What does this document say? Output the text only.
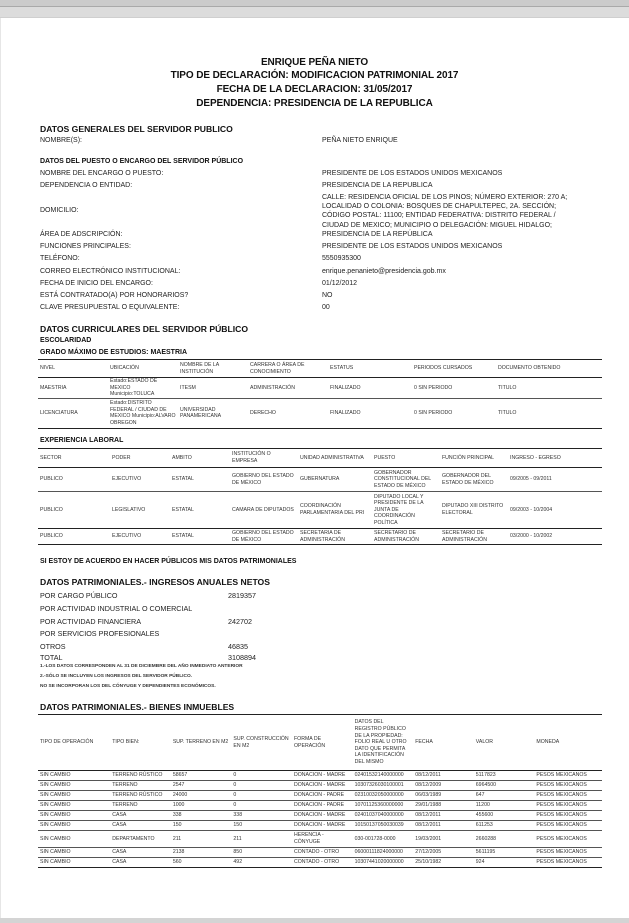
ENRIQUE PEÑA NIETO
TIPO DE DECLARACIÓN: MODIFICACION PATRIMONIAL 2017
FECHA DE LA DECLARACION: 31/05/2017
DEPENDENCIA: PRESIDENCIA DE LA REPUBLICA
DATOS GENERALES DEL SERVIDOR PUBLICO
NOMBRE(S):	PEÑA NIETO ENRIQUE
DATOS DEL PUESTO O ENCARGO DEL SERVIDOR PÚBLICO
NOMBRE DEL ENCARGO O PUESTO:	PRESIDENTE DE LOS ESTADOS UNIDOS MEXICANOS
DEPENDENCIA O ENTIDAD:	PRESIDENCIA DE LA REPUBLICA
DOMICILIO:
CALLE: RESIDENCIA OFICIAL DE LOS PINOS; NÚMERO EXTERIOR: 270 A; LOCALIDAD O COLONIA: BOSQUES DE CHAPULTEPEC, 2A. SECCIÓN; CÓDIGO POSTAL: 11100; ENTIDAD FEDERATIVA: DISTRITO FEDERAL / CIUDAD DE MEXICO; MUNICIPIO O DELEGACIÓN: MIGUEL HIDALGO;
ÁREA DE ADSCRIPCIÓN:	PRESIDENCIA DE LA REPÚBLICA
FUNCIONES PRINCIPALES:	PRESIDENTE DE LOS ESTADOS UNIDOS MEXICANOS
TELÉFONO:	5550935300
CORREO ELECTRÓNICO INSTITUCIONAL:	enrique.penanieto@presidencia.gob.mx
FECHA DE INICIO DEL ENCARGO:	01/12/2012
ESTÁ CONTRATADO(A) POR HONORARIOS?	NO
CLAVE PRESUPUESTAL O EQUIVALENTE:	00
DATOS CURRICULARES DEL SERVIDOR PÚBLICO
ESCOLARIDAD
GRADO MÁXIMO DE ESTUDIOS: MAESTRIA
NIVEL	UBICACIÓN	NOMBRE DE LA INSTITUCIÓN	CARRERA O ÁREA DE CONOCIMIENTO	ESTATUS	PERIODOS CURSADOS	DOCUMENTO OBTENIDO
MAESTRIA	Estado:ESTADO DE MEXICO Municipio:TOLUCA	ITESM	ADMINISTRACIÓN	FINALIZADO	0 SIN PERIODO	TITULO
LICENCIATURA	Estado:DISTRITO FEDERAL / CIUDAD DE MEXICO Municipio:ALVARO OBREGON	UNIVERSIDAD PANAMERICANA	DERECHO	FINALIZADO	0 SIN PERIODO	TITULO
EXPERIENCIA LABORAL
SECTOR	PODER	AMBITO	INSTITUCIÓN O EMPRESA	UNIDAD ADMINISTRATIVA	PUESTO	FUNCIÓN PRINCIPAL	INGRESO - EGRESO
PUBLICO	EJECUTIVO	ESTATAL	GOBIERNO DEL ESTADO DE MÉXICO	GUBERNATURA	GOBERNADOR CONSTITUCIONAL DEL ESTADO DE MÉXICO	GOBERNADOR DEL ESTADO DE MÉXICO	09/2005 - 09/2011
PUBLICO	LEGISLATIVO	ESTATAL	CAMARA DE DIPUTADOS	COORDINACIÓN PARLAMENTARIA DEL PRI	DIPUTADO LOCAL Y PRESIDENTE DE LA JUNTA DE COORDINACIÓN POLÍTICA	DIPUTADO XIII DISTRITO ELECTORAL	09/2003 - 10/2004
PUBLICO	EJECUTIVO	ESTATAL	GOBIERNO DEL ESTADO DE MÉXICO	SECRETARIA DE ADMINISTRACIÓN	SECRETARIO DE ADMINISTRACIÓN	SECRETARIO DE ADMINISTRACIÓN	03/2000 - 10/2002
SI ESTOY DE ACUERDO EN HACER PÚBLICOS MIS DATOS PATRIMONIALES
DATOS PATRIMONIALES.- INGRESOS ANUALES NETOS
POR CARGO PÚBLICO	2819357
POR ACTIVIDAD INDUSTRIAL O COMERCIAL
POR ACTIVIDAD FINANCIERA	242702
POR SERVICIOS PROFESIONALES
OTROS	46835
TOTAL	3108894
1.-LOS DATOS CORRESPONDEN AL 31 DE DICIEMBRE DEL AÑO INMEDIATO ANTERIOR
2.-SÓLO SE INCLUYEN LOS INGRESOS DEL SERVIDOR PÚBLICO.
NO SE INCORPORAN LOS DEL CÓNYUGE Y DEPENDIENTES ECONÓMICOS.
DATOS PATRIMONIALES.- BIENES INMUEBLES
TIPO DE OPERACIÓN	TIPO BIEN:	SUP. TERRENO EN M2	SUP. CONSTRUCCIÓN EN M2	FORMA DE OPERACIÓN	DATOS DEL REGISTRO PÚBLICO DE LA PROPIEDAD: FOLIO REAL U OTRO DATO QUE PERMITA LA IDENTIFICACIÓN DEL MISMO	FECHA	VALOR	MONEDA
SIN CAMBIO	TERRENO RÚSTICO	58657	0	DONACION - MADRE	02401532140000000	08/12/2011	5117823	PESOS MEXICANOS
SIN CAMBIO	TERRENO	2547	0	DONACION - MADRE	10307326030100001	08/12/2009	6964500	PESOS MEXICANOS
SIN CAMBIO	TERRENO RÚSTICO	24000	0	DONACION - PADRE	02310032050000000	06/03/1989	647	PESOS MEXICANOS
SIN CAMBIO	TERRENO	1000	0	DONACION - PADRE	10701125360000000	29/01/1988	11200	PESOS MEXICANOS
SIN CAMBIO	CASA	338	338	DONACION - MADRE	02401037040000000	08/12/2011	455600	PESOS MEXICANOS
SIN CAMBIO	CASA	150	150	DONACION - MADRE	10150137050030039	08/12/2011	611253	PESOS MEXICANOS
SIN CAMBIO	DEPARTAMENTO	211	211	HERENCIA - CÓNYUGE	030-001728-0000	19/03/2001	2660288	PESOS MEXICANOS
SIN CAMBIO	CASA	2138	850	CONTADO - OTRO	06000111824000000	27/12/2005	5611195	PESOS MEXICANOS
SIN CAMBIO	CASA	560	492	CONTADO - OTRO	10307441020000000	25/10/1982	924	PESOS MEXICANOS
